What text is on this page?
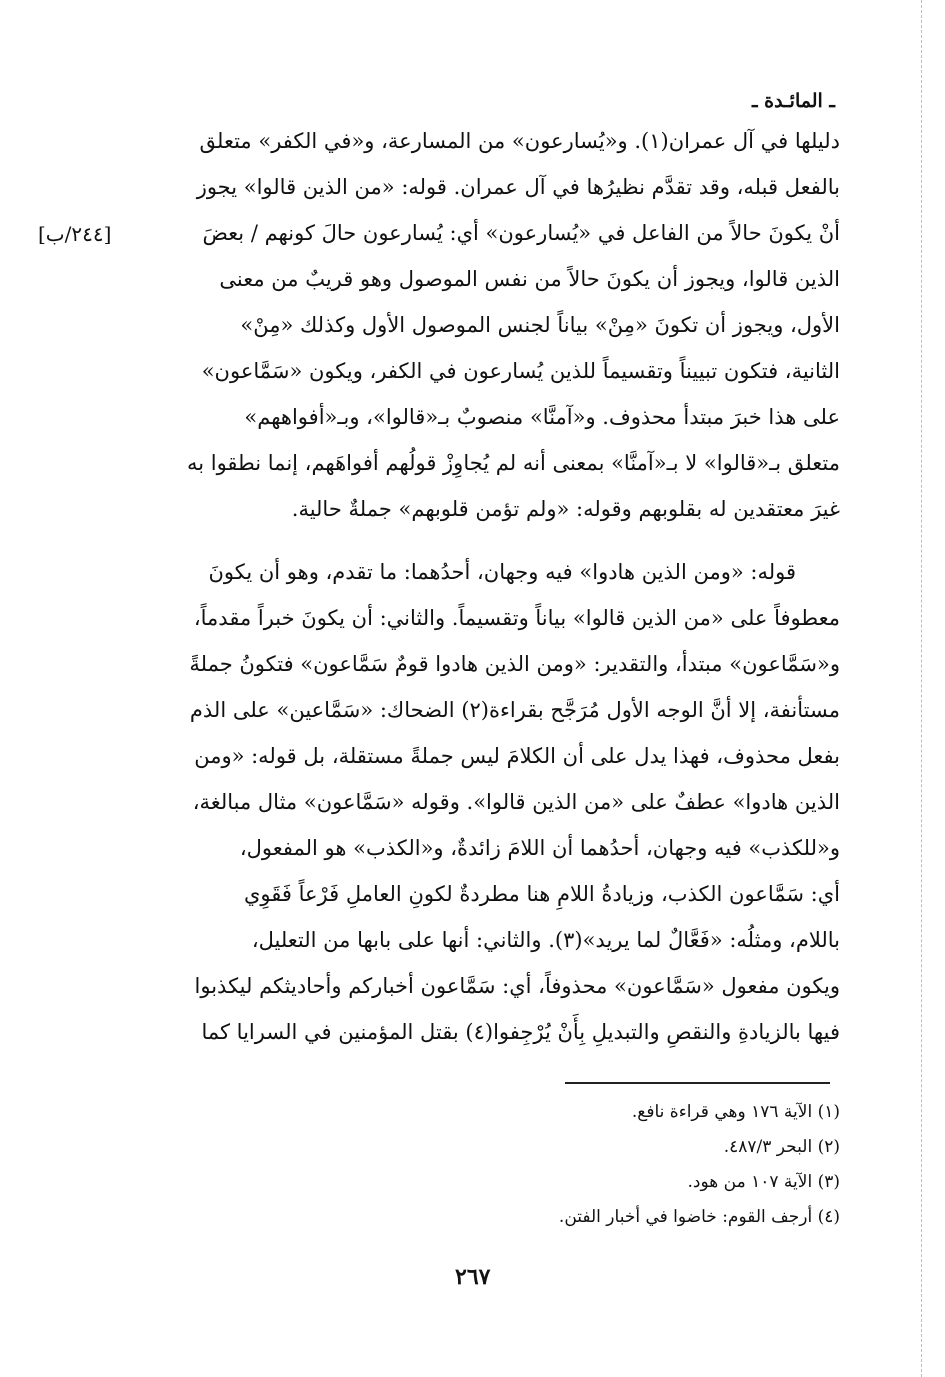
ـ المائـدة ـ
[٢٤٤/ب]
دليلها في آل عمران(١). و«يُسارعون» من المسارعة، و«في الكفر» متعلق
بالفعل قبله، وقد تقدَّم نظيرُها في آل عمران. قوله: «من الذين قالوا» يجوز
أنْ يكونَ حالاً من الفاعل في «يُسارعون» أي: يُسارعون حالَ كونهم / بعضَ
الذين قالوا، ويجوز أن يكونَ حالاً من نفس الموصول وهو قريبٌ من معنى
الأول، ويجوز أن تكونَ «مِنْ» بياناً لجنس الموصول الأول وكذلك «مِنْ»
الثانية، فتكون تبييناً وتقسيماً للذين يُسارعون في الكفر، ويكون «سَمَّاعون»
على هذا خبرَ مبتدأ محذوف. و«آمنَّا» منصوبٌ بـ«قالوا»، وبـ«أفواههم»
متعلق بـ«قالوا» لا بـ«آمنَّا» بمعنى أنه لم يُجاوِزْ قولُهم أفواهَهم، إنما نطقوا به
غيرَ معتقدين له بقلوبهم وقوله: «ولم تؤمن قلوبهم» جملةٌ حالية.
قوله: «ومن الذين هادوا» فيه وجهان، أحدُهما: ما تقدم، وهو أن يكونَ
معطوفاً على «من الذين قالوا» بياناً وتقسيماً. والثاني: أن يكونَ خبراً مقدماً،
و«سَمَّاعون» مبتدأ، والتقدير: «ومن الذين هادوا قومٌ سَمَّاعون» فتكونُ جملةً
مستأنفة، إلا أنَّ الوجه الأول مُرَجَّح بقراءة(٢) الضحاك: «سَمَّاعين» على الذم
بفعل محذوف، فهذا يدل على أن الكلامَ ليس جملةً مستقلة، بل قوله: «ومن
الذين هادوا» عطفٌ على «من الذين قالوا». وقوله «سَمَّاعون» مثال مبالغة،
و«للكذب» فيه وجهان، أحدُهما أن اللامَ زائدةٌ، و«الكذب» هو المفعول،
أي: سَمَّاعون الكذب، وزيادةُ اللامِ هنا مطردةٌ لكونِ العاملِ فَرْعاً فَقَوِي
باللام، ومثلُه: «فَعَّالٌ لما يريد»(٣). والثاني: أنها على بابها من التعليل،
ويكون مفعول «سَمَّاعون» محذوفاً، أي: سَمَّاعون أخباركم وأحاديثكم ليكذبوا
فيها بالزيادةِ والنقصِ والتبديلِ بِأَنْ يُرْجِفوا(٤) بقتل المؤمنين في السرايا كما
(١) الآية ١٧٦ وهي قراءة نافع.
(٢) البحر ٤٨٧/٣.
(٣) الآية ١٠٧ من هود.
(٤) أرجف القوم: خاضوا في أخبار الفتن.
٢٦٧
